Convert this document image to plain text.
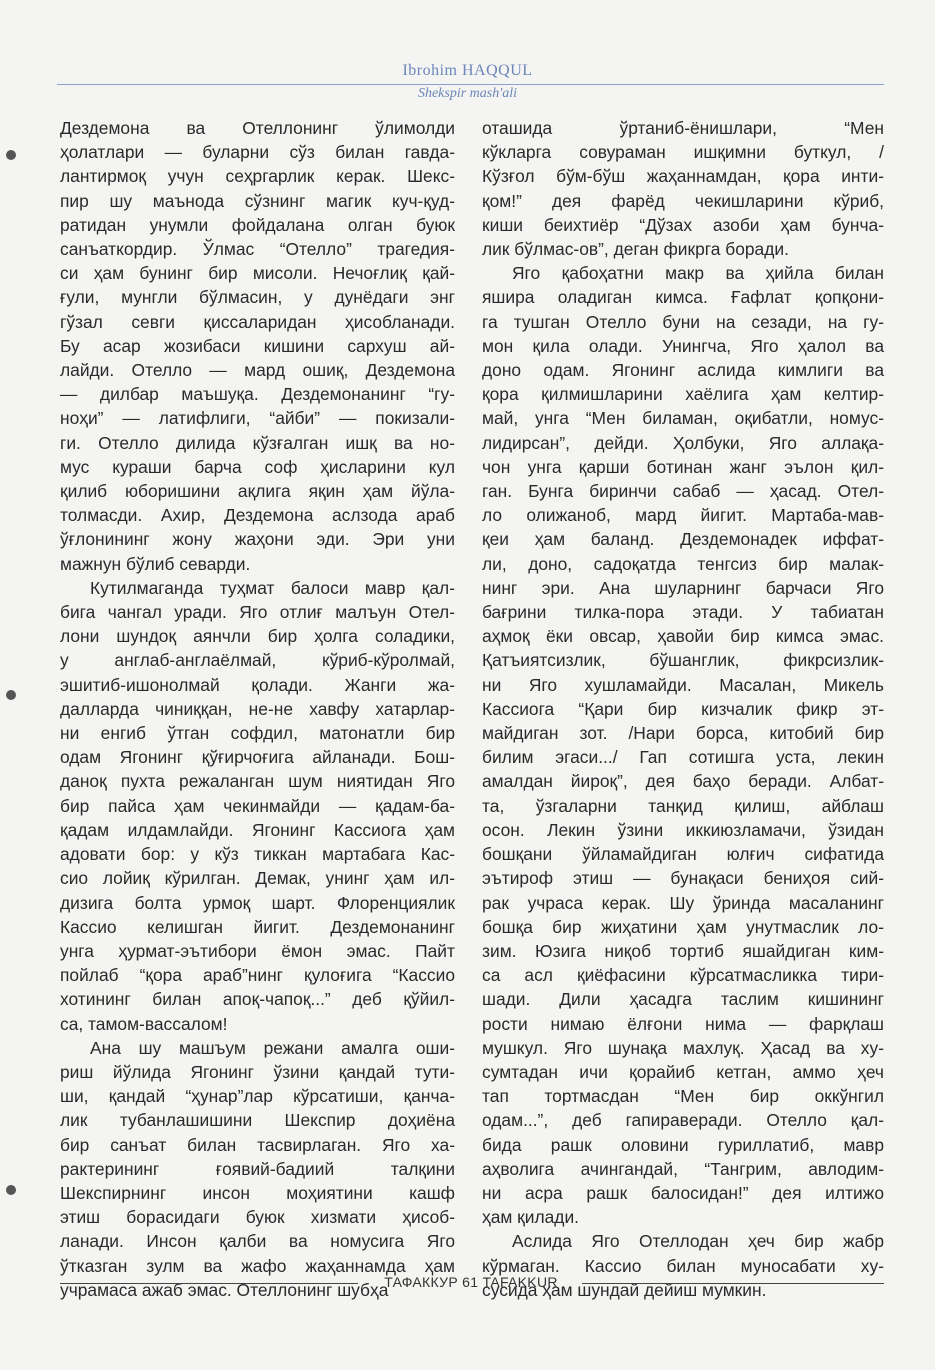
Ibrohim HAQQUL
Shekspir mash'ali
Дездемона ва Отеллонинг ўлимолди
ҳолатлари — буларни сўз билан гавда-
лантирмоқ учун сеҳргарлик керак. Шекс-
пир шу маънода сўзнинг магик куч-қуд-
ратидан унумли фойдалана олган буюк
санъаткордир. Ўлмас “Отелло” трагедия-
си ҳам бунинг бир мисоли. Нечоғлиқ қай-
ғули, мунгли бўлмасин, у дунёдаги энг
гўзал севги қиссаларидан ҳисобланади.
Бу асар жозибаси кишини сархуш ай-
лайди. Отелло — мард ошиқ, Дездемона
— дилбар маъшуқа. Дездемонанинг “гу-
ноҳи” — латифлиги, “айби” — покизали-
ги. Отелло дилида кўзғалган ишқ ва но-
мус кураши барча соф ҳисларини кул
қилиб юборишини ақлига яқин ҳам йўла-
толмасди. Ахир, Дездемона аслзода араб
ўғлонининг жону жаҳони эди. Эри уни
мажнун бўлиб севарди.
Кутилмаганда туҳмат балоси мавр қал-
бига чангал уради. Яго отлиғ малъун Отел-
лони шундоқ аянчли бир ҳолга соладики,
у англаб-англаёлмай, кўриб-кўролмай,
эшитиб-ишонолмай қолади. Жанги жа-
далларда чиниққан, не-не хавфу хатарлар-
ни енгиб ўтган софдил, матонатли бир
одам Ягонинг қўғирчоғига айланади. Бош-
даноқ пухта режаланган шум ниятидан Яго
бир пайса ҳам чекинмайди — қадам-ба-
қадам илдамлайди. Ягонинг Кассиога ҳам
адовати бор: у кўз тиккан мартабага Кас-
сио лойиқ кўрилган. Демак, унинг ҳам ил-
дизига болта урмоқ шарт. Флоренциялик
Кассио келишган йигит. Дездемонанинг
унга ҳурмат-эътибори ёмон эмас. Пайт
пойлаб “қора араб”нинг қулоғига “Кассио
хотининг билан апоқ-чапоқ...” деб қўйил-
са, тамом-вассалом!
Ана шу машъум режани амалга оши-
риш йўлида Ягонинг ўзини қандай тути-
ши, қандай “ҳунар”лар кўрсатиши, қанча-
лик тубанлашишини Шекспир доҳиёна
бир санъат билан тасвирлаган. Яго ха-
рактерининг ғоявий-бадиий талқини
Шекспирнинг инсон моҳиятини кашф
этиш борасидаги буюк хизмати ҳисоб-
ланади. Инсон қалби ва номусига Яго
ўтказган зулм ва жафо жаҳаннамда ҳам
учрамаса ажаб эмас. Отеллонинг шубҳа
оташида ўртаниб-ёнишлари, “Мен
кўкларга совураман ишқимни буткул, /
Кўзғол бўм-бўш жаҳаннамдан, қора инти-
қом!” дея фарёд чекишларини кўриб,
киши беихтиёр “Дўзах азоби ҳам бунча-
лик бўлмас-ов”, деган фикрга боради.
Яго қабоҳатни макр ва ҳийла билан
яшира оладиган кимса. Ғафлат қопқони-
га тушган Отелло буни на сезади, на гу-
мон қила олади. Унингча, Яго ҳалол ва
доно одам. Ягонинг аслида кимлиги ва
қора қилмишларини хаёлига ҳам келтир-
май, унга “Мен биламан, оқибатли, номус-
лидирсан”, дейди. Ҳолбуки, Яго аллақа-
чон унга қарши ботинан жанг эълон қил-
ган. Бунга биринчи сабаб — ҳасад. Отел-
ло олижаноб, мард йигит. Мартаба-мав-
қеи ҳам баланд. Дездемонадек иффат-
ли, доно, садоқатда тенгсиз бир малак-
нинг эри. Ана шуларнинг барчаси Яго
бағрини тилка-пора этади. У табиатан
аҳмоқ ёки овсар, ҳавойи бир кимса эмас.
Қатъиятсизлик, бўшанглик, фикрсизлик-
ни Яго хушламайди. Масалан, Микель
Кассиога “Қари бир кизчалик фикр эт-
майдиган зот. /Нари борса, китобий бир
билим эгаси.../ Гап сотишга уста, лекин
амалдан йироқ”, дея баҳо беради. Албат-
та, ўзгаларни танқид қилиш, айблаш
осон. Лекин ўзини иккиюзламачи, ўзидан
бошқани ўйламайдиган юлғич сифатида
эътироф этиш — бунақаси бениҳоя сий-
рак учраса керак. Шу ўринда масаланинг
бошқа бир жиҳатини ҳам унутмаслик ло-
зим. Юзига ниқоб тортиб яшайдиган ким-
са асл қиёфасини кўрсатмасликка тири-
шади. Дили ҳасадга таслим кишининг
рости нимаю ёлғони нима — фарқлаш
мушкул. Яго шунақа махлуқ. Ҳасад ва ху-
сумтадан ичи қорайиб кетган, аммо ҳеч
тап тортмасдан “Мен бир оккўнгил
одам...”, деб гапираверади. Отелло қал-
бида рашк оловини гуриллатиб, мавр
аҳволига ачингандай, “Тангрим, авлодим-
ни асра рашк балосидан!” дея илтижо
ҳам қилади.
Аслида Яго Отеллодан ҳеч бир жабр
кўрмаган. Кассио билан муносабати ху-
сусида ҳам шундай дейиш мумкин.
ТАФАККУР 61 TAFAKKUR
